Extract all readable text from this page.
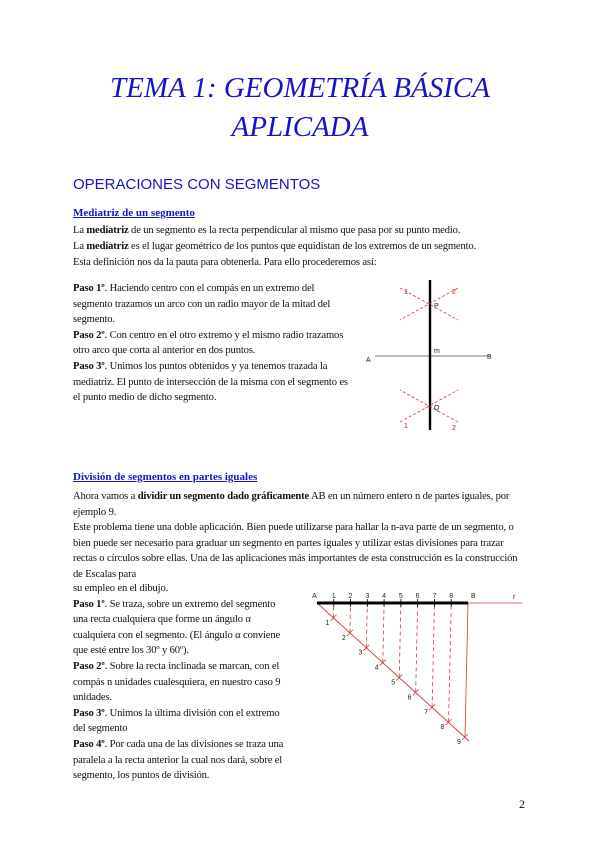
TEMA 1: GEOMETRÍA BÁSICA
APLICADA
OPERACIONES CON SEGMENTOS
Mediatriz de un segmento

La mediatriz de un segmento es la recta perpendicular al mismo que pasa por su punto medio.

La mediatriz es el lugar geométrico de los puntos que equidistan de los extremos de un segmento.

Esta definición nos da la pauta para obtenerla. Para ello procederemos así:

Paso 1º. Haciendo centro con el compás en un extremo del segmento trazamos un arco con un radio mayor de la mitad del segmento.
Paso 2º. Con centro en el otro extremo y el mismo radio trazamos otro arco que corta al anterior en dos puntos.
Paso 3º. Unimos los puntos obtenidos y ya tenemos trazada la mediatriz. El punto de intersección de la misma con el segmento es el punto medio de dicho segmento.

A	B
m
P
Q
1	2
1	2
División de segmentos en partes iguales

Ahora vamos a dividir un segmento dado gráficamente AB en un número entero n de partes iguales, por ejemplo 9.

Este problema tiene una doble aplicación. Bien puede utilizarse para hallar la n-ava parte de un segmento, o bien puede ser necesario para graduar un segmento en partes iguales y utilizar estas divisiones para trazar rectas o círculos sobre ellas. Una de las aplicaciones más importantes de esta construcción es la construcción de Escalas para

su empleo en el dibujo.
Paso 1º. Se traza, sobre un extremo del segmento una recta cualquiera que forme un ángulo α cualquiera con el segmento. (El ángulo α conviene que esté entre los 30º y 60º).
Paso 2º. Sobre la recta inclinada se marcan, con el compás n unidades cualesquiera, en nuestro caso 9 unidades.
Paso 3º. Unimos la última división con el extremo del segmento
Paso 4º. Por cada una de las divisiones se traza una paralela a la recta anterior la cual nos dará, sobre el segmento, los puntos de división.

1
2
3
4
5
6
7
8
9
1 2 3 4 5 6 7 8
A	B	r
2
